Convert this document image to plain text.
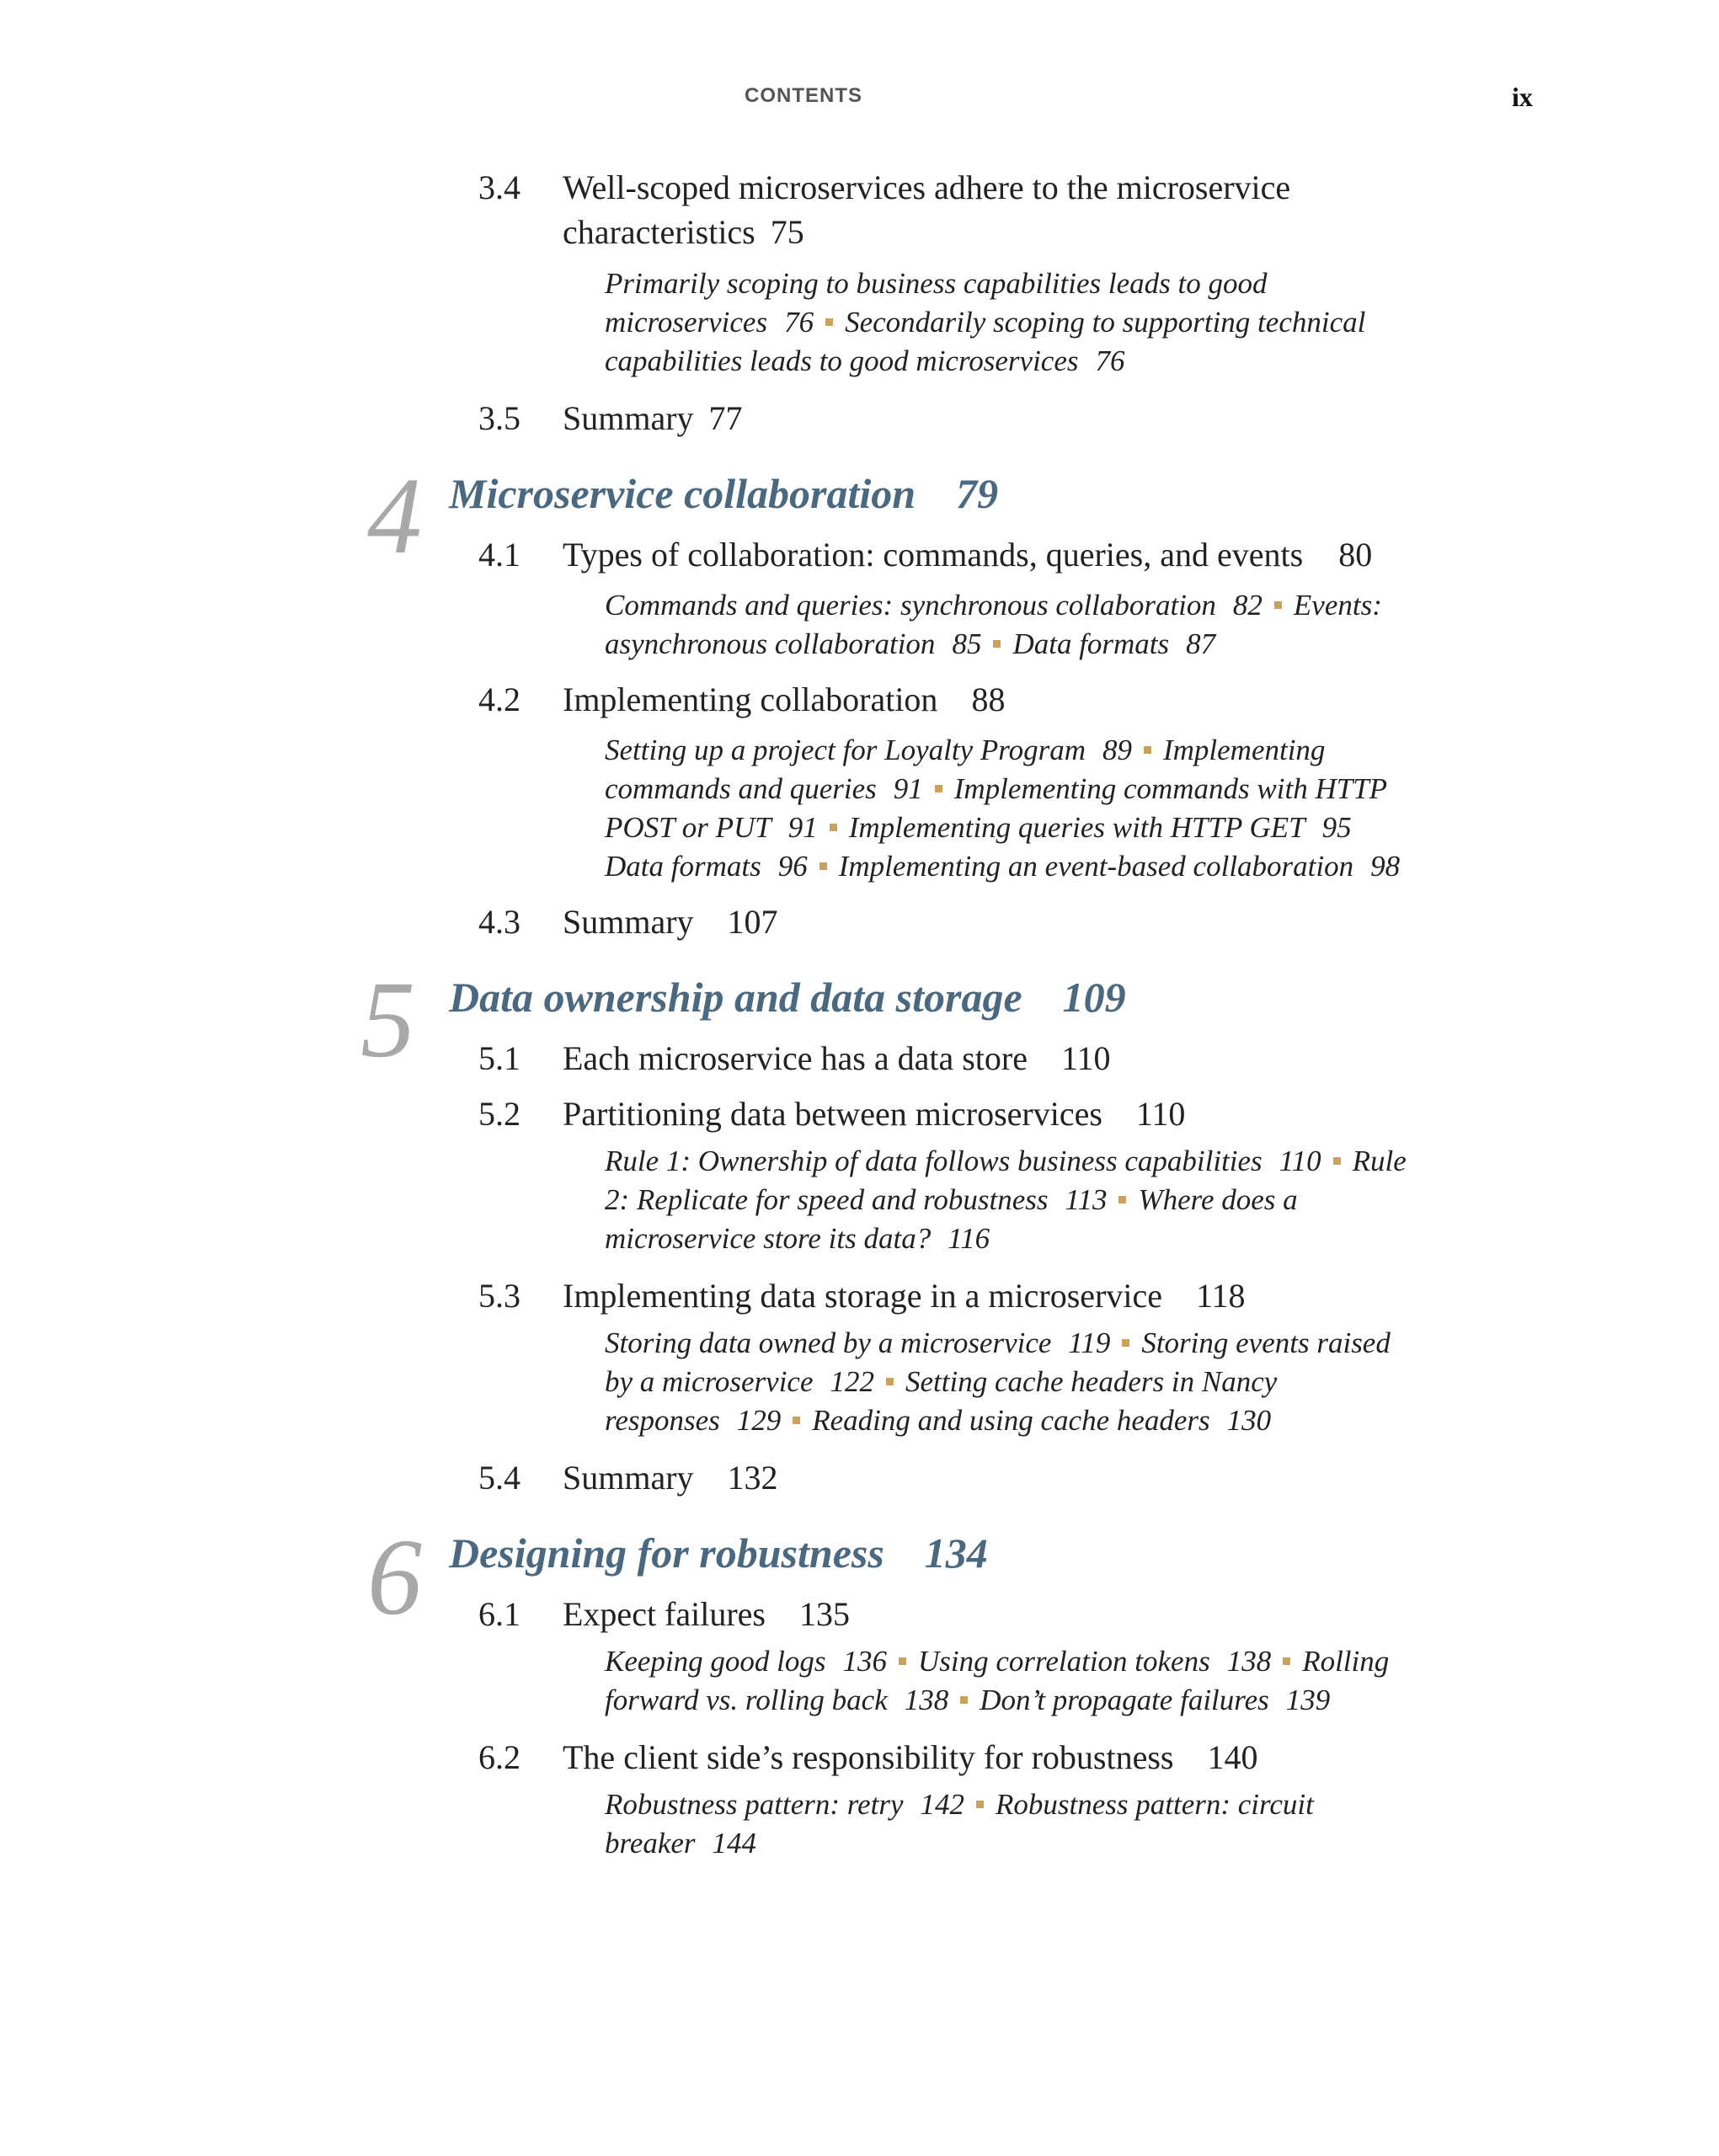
CONTENTS	ix
3.4 Well-scoped microservices adhere to the microservice
characteristics 75
Primarily scoping to business capabilities leads to good
microservices 76 Secondarily scoping to supporting technical
capabilities leads to good microservices 76
3.5 Summary 77
4 Microservice collaboration 79
4.1 Types of collaboration: commands, queries, and events 80
Commands and queries: synchronous collaboration 82 Events:
asynchronous collaboration 85 Data formats 87
4.2 Implementing collaboration 88
Setting up a project for Loyalty Program 89 Implementing
commands and queries 91 Implementing commands with HTTP
POST or PUT 91 Implementing queries with HTTP GET 95
Data formats 96 Implementing an event-based collaboration 98
4.3 Summary 107
5 Data ownership and data storage 109
5.1 Each microservice has a data store 110
5.2 Partitioning data between microservices 110
Rule 1: Ownership of data follows business capabilities 110 Rule
2: Replicate for speed and robustness 113 Where does a
microservice store its data? 116
5.3 Implementing data storage in a microservice 118
Storing data owned by a microservice 119 Storing events raised
by a microservice 122 Setting cache headers in Nancy
responses 129 Reading and using cache headers 130
5.4 Summary 132
6 Designing for robustness 134
6.1 Expect failures 135
Keeping good logs 136 Using correlation tokens 138 Rolling
forward vs. rolling back 138 Don’t propagate failures 139
6.2 The client side’s responsibility for robustness 140
Robustness pattern: retry 142 Robustness pattern: circuit
breaker 144
